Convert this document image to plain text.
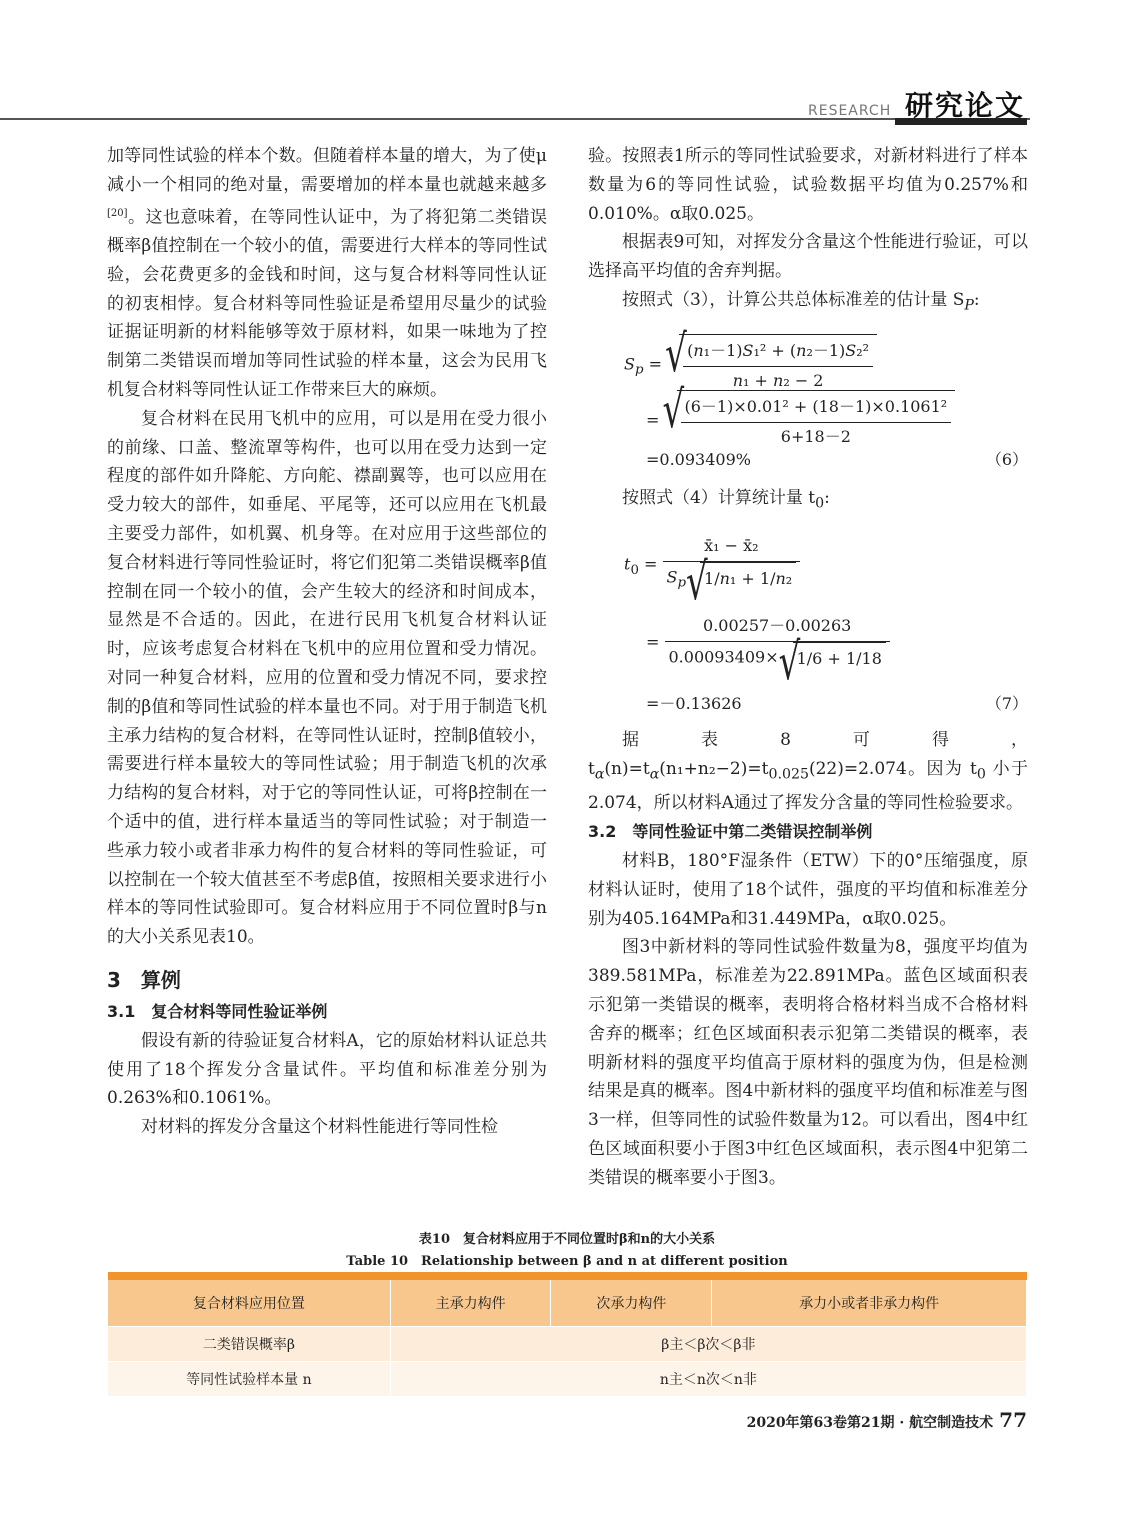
RESEARCH 研究论文

加等同性试验的样本个数。但随着样本量的增大，为了使μ减小一个相同的绝对量，需要增加的样本量也就越来越多[20]。这也意味着，在等同性认证中，为了将犯第二类错误概率β值控制在一个较小的值，需要进行大样本的等同性试验，会花费更多的金钱和时间，这与复合材料等同性认证的初衷相悖。复合材料等同性验证是希望用尽量少的试验证据证明新的材料能够等效于原材料，如果一味地为了控制第二类错误而增加等同性试验的样本量，这会为民用飞机复合材料等同性认证工作带来巨大的麻烦。

复合材料在民用飞机中的应用，可以是用在受力很小的前缘、口盖、整流罩等构件，也可以用在受力达到一定程度的部件如升降舵、方向舵、襟副翼等，也可以应用在受力较大的部件，如垂尾、平尾等，还可以应用在飞机最主要受力部件，如机翼、机身等。在对应用于这些部位的复合材料进行等同性验证时，将它们犯第二类错误概率β值控制在同一个较小的值，会产生较大的经济和时间成本，显然是不合适的。因此，在进行民用飞机复合材料认证时，应该考虑复合材料在飞机中的应用位置和受力情况。对同一种复合材料，应用的位置和受力情况不同，要求控制的β值和等同性试验的样本量也不同。对于用于制造飞机主承力结构的复合材料，在等同性认证时，控制β值较小，需要进行样本量较大的等同性试验；用于制造飞机的次承力结构的复合材料，对于它的等同性认证，可将β控制在一个适中的值，进行样本量适当的等同性试验；对于制造一些承力较小或者非承力构件的复合材料的等同性验证，可以控制在一个较大值甚至不考虑β值，按照相关要求进行小样本的等同性试验即可。复合材料应用于不同位置时β与n的大小关系见表10。

3　算例
3.1　复合材料等同性验证举例

假设有新的待验证复合材料A，它的原始材料认证总共使用了18个挥发分含量试件。平均值和标准差分别为0.263%和0.1061%。

对材料的挥发分含量这个材料性能进行等同性检

验。按照表1所示的等同性试验要求，对新材料进行了样本数量为6的等同性试验，试验数据平均值为0.257%和0.010%。α取0.025。

根据表9可知，对挥发分含量这个性能进行验证，可以选择高平均值的舍弃判据。

按照式（3），计算公共总体标准差的估计量 $S_P$:

$S_p$ = √ $\frac{\text{(n₁－1)S₁² + (n₂－1)S₂²}}{\text{n₁ + n₂ − 2}}$
= √ $\frac{\text{(6－1)×0.01² + (18－1)×0.1061²}}{6+18-2}$
=0.093409%	（6）

按照式（4）计算统计量 $t_0$:

$t_0 = \frac{\text{x̄₁ − x̄₂}}{S_p √ 1/n_1 + 1/n_2}$
= $\frac{0.00257-0.00263}{0.00093409\times √ 1/6 + 1/18}$
=－0.13626	（7）

据表8可得，$t_\alpha(n)=t_\alpha(n_1+n_2-2)=t_{0.025}(22)=2.074$。因为 $t_0$ 小于2.074，所以材料A通过了挥发分含量的等同性检验要求。

3.2　等同性验证中第二类错误控制举例

材料B，180°F湿条件（ETW）下的0°压缩强度，原材料认证时，使用了18个试件，强度的平均值和标准差分别为405.164MPa和31.449MPa，α取0.025。

图3中新材料的等同性试验件数量为8，强度平均值为389.581MPa，标准差为22.891MPa。蓝色区域面积表示犯第一类错误的概率，表明将合格材料当成不合格材料舍弃的概率；红色区域面积表示犯第二类错误的概率，表明新材料的强度平均值高于原材料的强度为伪，但是检测结果是真的概率。图4中新材料的强度平均值和标准差与图3一样，但等同性的试验件数量为12。可以看出，图4中红色区域面积要小于图3中红色区域面积，表示图4中犯第二类错误的概率要小于图3。

表10　复合材料应用于不同位置时β和n的大小关系
Table 10　Relationship between β and n at different position

复合材料应用位置	主承力构件	次承力构件	承力小或者非承力构件
二类错误概率β	β主＜β次＜β非		
等同性试验样本量 n	n主＜n次＜n非		
2020年第63卷第21期 · 航空制造技术 77
